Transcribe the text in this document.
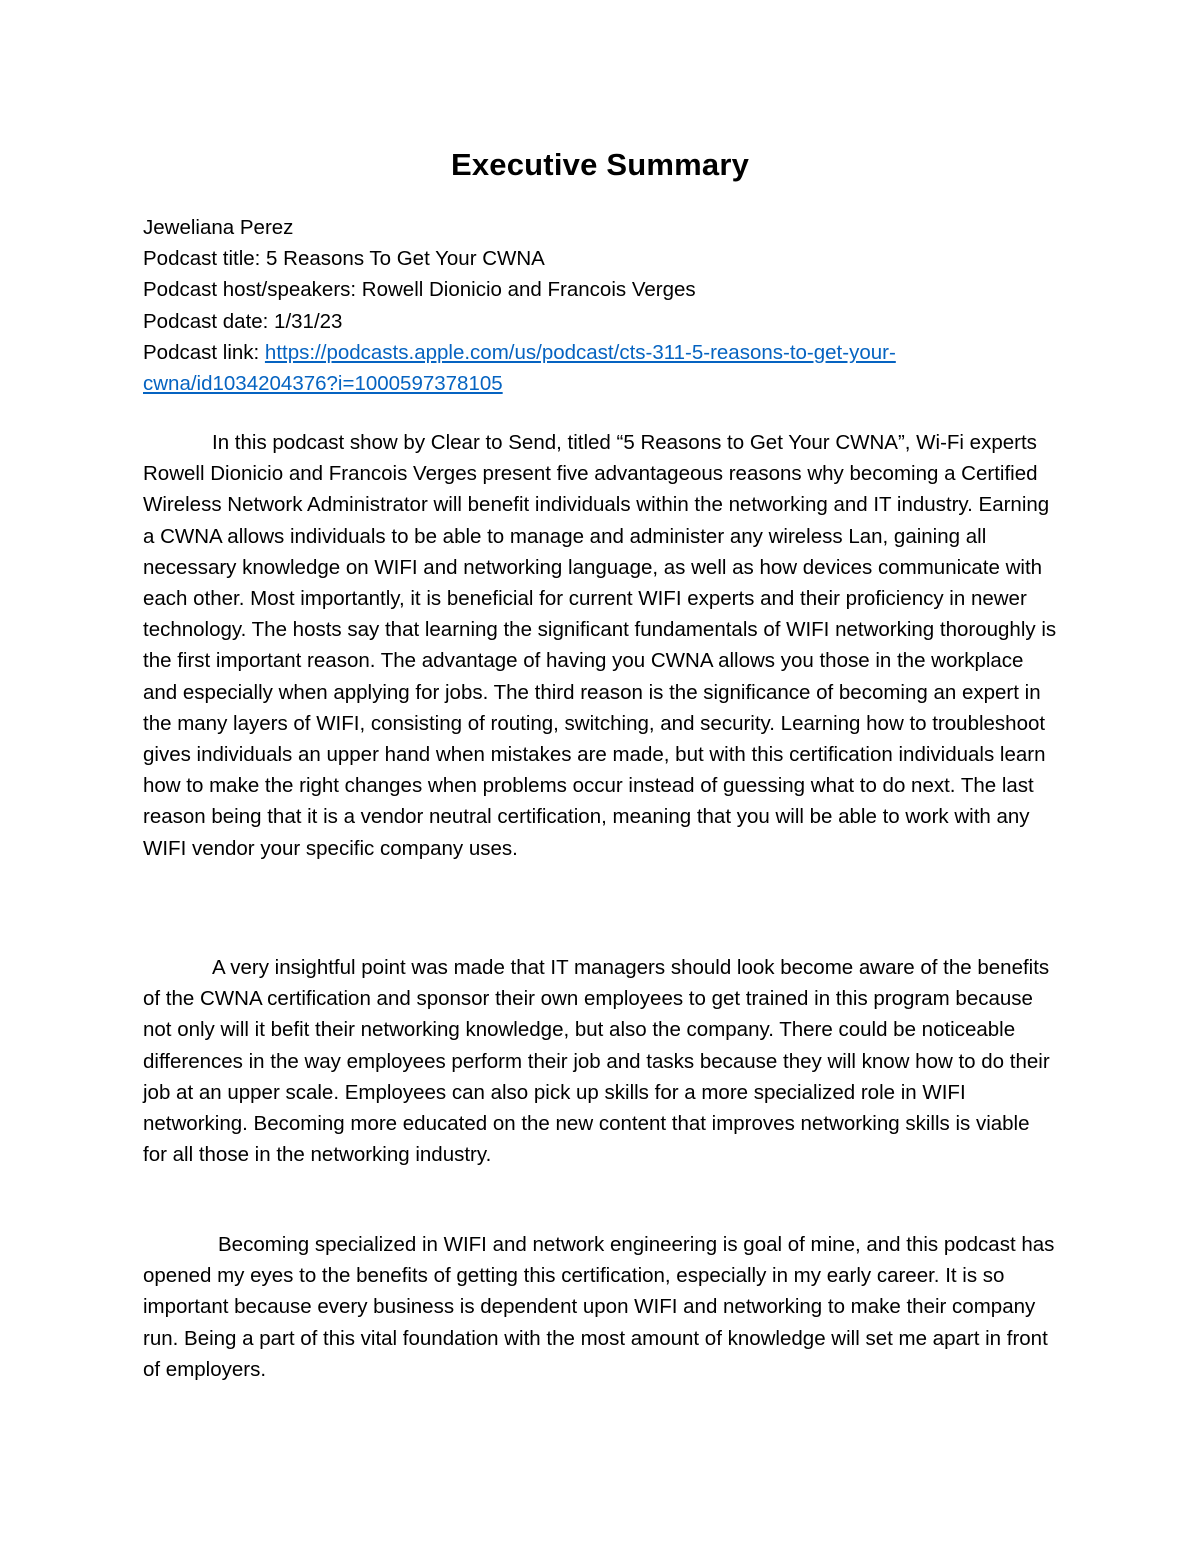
Executive Summary
Jeweliana Perez
Podcast title: 5 Reasons To Get Your CWNA
Podcast host/speakers: Rowell Dionicio and Francois Verges
Podcast date: 1/31/23
Podcast link: https://podcasts.apple.com/us/podcast/cts-311-5-reasons-to-get-your-
cwna/id1034204376?i=1000597378105

In this podcast show by Clear to Send, titled “5 Reasons to Get Your CWNA”, Wi-Fi experts Rowell Dionicio and Francois Verges present five advantageous reasons why becoming a Certified Wireless Network Administrator will benefit individuals within the networking and IT industry. Earning a CWNA allows individuals to be able to manage and administer any wireless Lan, gaining all necessary knowledge on WIFI and networking language, as well as how devices communicate with each other. Most importantly, it is beneficial for current WIFI experts and their proficiency in newer technology. The hosts say that learning the significant fundamentals of WIFI networking thoroughly is the first important reason. The advantage of having you CWNA allows you those in the workplace and especially when applying for jobs. The third reason is the significance of becoming an expert in the many layers of WIFI, consisting of routing, switching, and security. Learning how to troubleshoot gives individuals an upper hand when mistakes are made, but with this certification individuals learn how to make the right changes when problems occur instead of guessing what to do next. The last reason being that it is a vendor neutral certification, meaning that you will be able to work with any WIFI vendor your specific company uses.

A very insightful point was made that IT managers should look become aware of the benefits of the CWNA certification and sponsor their own employees to get trained in this program because not only will it befit their networking knowledge, but also the company. There could be noticeable differences in the way employees perform their job and tasks because they will know how to do their job at an upper scale. Employees can also pick up skills for a more specialized role in WIFI networking. Becoming more educated on the new content that improves networking skills is viable for all those in the networking industry.

Becoming specialized in WIFI and network engineering is goal of mine, and this podcast has opened my eyes to the benefits of getting this certification, especially in my early career. It is so important because every business is dependent upon WIFI and networking to make their company run. Being a part of this vital foundation with the most amount of knowledge will set me apart in front of employers.
